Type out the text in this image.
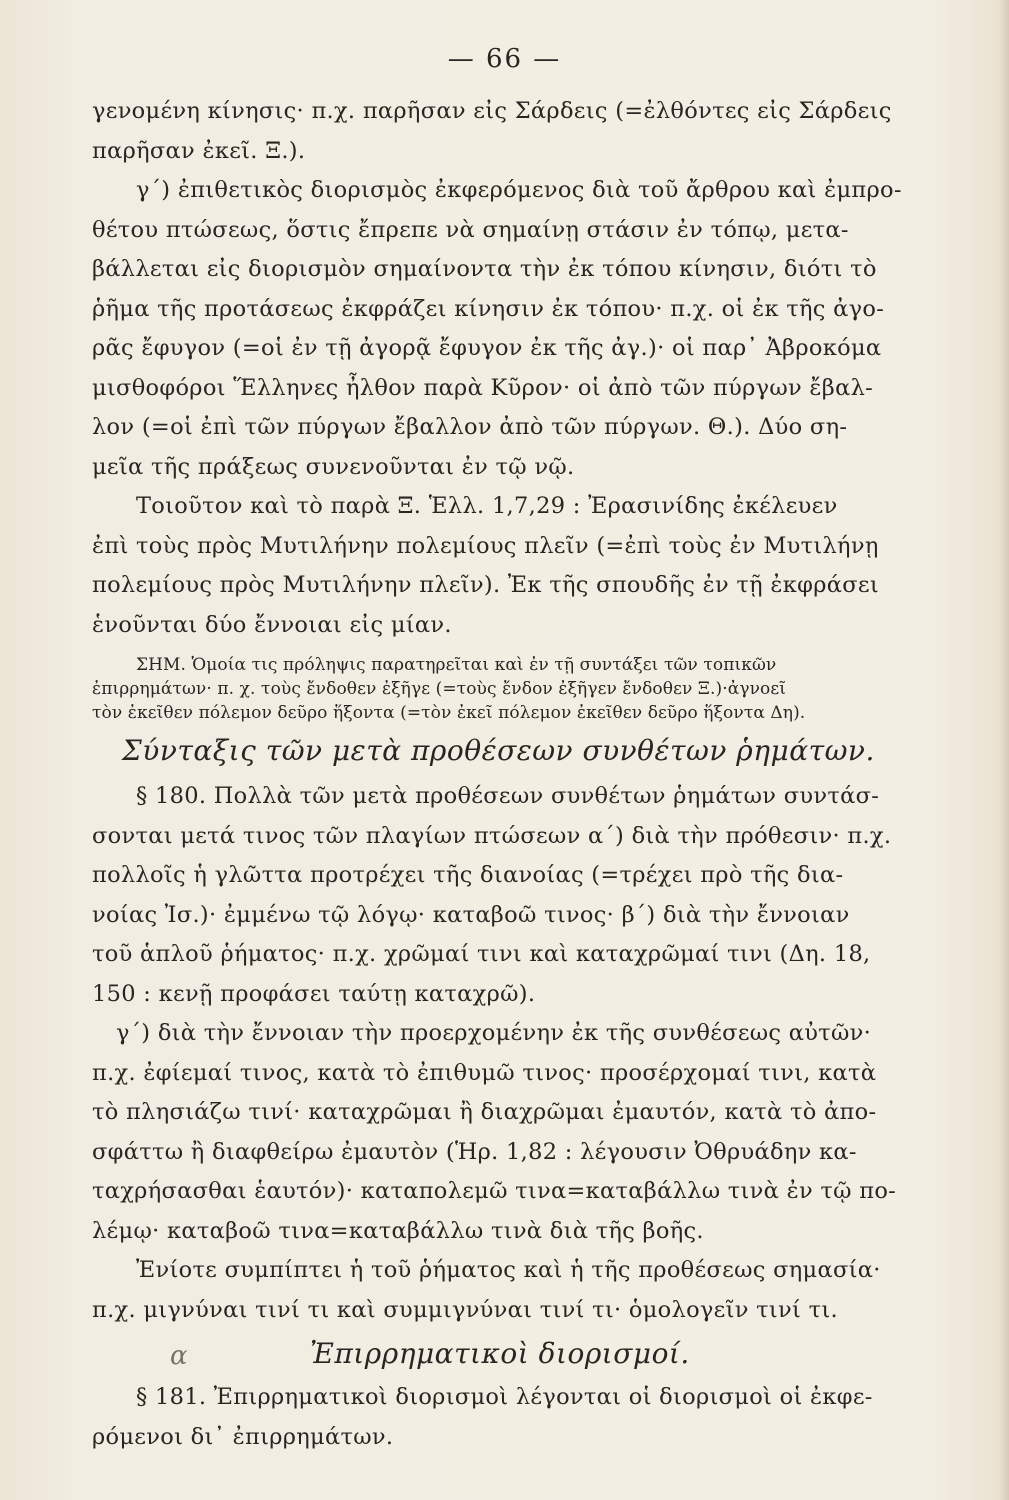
— 66 —
γενομένη κίνησις· π.χ. παρῆσαν εἰς Σάρδεις (=ἐλθόντες εἰς Σάρδεις
παρῆσαν ἐκεῖ. Ξ.).
γ΄) ἐπιθετικὸς διορισμὸς ἐκφερόμενος διὰ τοῦ ἄρθρου καὶ ἐμπρο-
θέτου πτώσεως, ὅστις ἔπρεπε νὰ σημαίνῃ στάσιν ἐν τόπῳ, μετα-
βάλλεται εἰς διορισμὸν σημαίνοντα τὴν ἐκ τόπου κίνησιν, διότι τὸ
ῥῆμα τῆς προτάσεως ἐκφράζει κίνησιν ἐκ τόπου· π.χ. οἱ ἐκ τῆς ἀγο-
ρᾶς ἔφυγον (=οἱ ἐν τῇ ἀγορᾷ ἔφυγον ἐκ τῆς ἀγ.)· οἱ παρ᾽ Ἀβροκόμα
μισθοφόροι Ἕλληνες ἦλθον παρὰ Κῦρον· οἱ ἀπὸ τῶν πύργων ἔβαλ-
λον (=οἱ ἐπὶ τῶν πύργων ἔβαλλον ἀπὸ τῶν πύργων. Θ.). Δύο ση-
μεῖα τῆς πράξεως συνενοῦνται ἐν τῷ νῷ.
Τοιοῦτον καὶ τὸ παρὰ Ξ. Ἑλλ. 1,7,29 : Ἐρασινίδης ἐκέλευεν
ἐπὶ τοὺς πρὸς Μυτιλήνην πολεμίους πλεῖν (=ἐπὶ τοὺς ἐν Μυτιλήνῃ
πολεμίους πρὸς Μυτιλήνην πλεῖν). Ἐκ τῆς σπουδῆς ἐν τῇ ἐκφράσει
ἑνοῦνται δύο ἔννοιαι εἰς μίαν.
ΣΗΜ. Ὁμοία τις πρόληψις παρατηρεῖται καὶ ἐν τῇ συντάξει τῶν τοπικῶν
ἐπιρρημάτων· π. χ. τοὺς ἔνδοθεν ἐξῆγε (=τοὺς ἔνδον ἐξῆγεν ἔνδοθεν Ξ.)·ἀγνοεῖ
τὸν ἐκεῖθεν πόλεμον δεῦρο ἥξοντα (=τὸν ἐκεῖ πόλεμον ἐκεῖθεν δεῦρο ἥξοντα Δη).
Σύνταξις τῶν μετὰ προθέσεων συνθέτων ῥημάτων.
§ 180. Πολλὰ τῶν μετὰ προθέσεων συνθέτων ῥημάτων συντάσ-
σονται μετά τινος τῶν πλαγίων πτώσεων α΄) διὰ τὴν πρόθεσιν· π.χ.
πολλοῖς ἡ γλῶττα προτρέχει τῆς διανοίας (=τρέχει πρὸ τῆς δια-
νοίας Ἰσ.)· ἐμμένω τῷ λόγῳ· καταβοῶ τινος· β΄) διὰ τὴν ἔννοιαν
τοῦ ἁπλοῦ ῥήματος· π.χ. χρῶμαί τινι καὶ καταχρῶμαί τινι (Δη. 18,
150 : κενῇ προφάσει ταύτῃ καταχρῶ).
γ΄) διὰ τὴν ἔννοιαν τὴν προερχομένην ἐκ τῆς συνθέσεως αὐτῶν·
π.χ. ἐφίεμαί τινος, κατὰ τὸ ἐπιθυμῶ τινος· προσέρχομαί τινι, κατὰ
τὸ πλησιάζω τινί· καταχρῶμαι ἢ διαχρῶμαι ἐμαυτόν, κατὰ τὸ ἀπο-
σφάττω ἢ διαφθείρω ἐμαυτὸν (Ἡρ. 1,82 : λέγουσιν Ὀθρυάδην κα-
ταχρήσασθαι ἑαυτόν)· καταπολεμῶ τινα=καταβάλλω τινὰ ἐν τῷ πο-
λέμῳ· καταβοῶ τινα=καταβάλλω τινὰ διὰ τῆς βοῆς.
Ἐνίοτε συμπίπτει ἡ τοῦ ῥήματος καὶ ἡ τῆς προθέσεως σημασία·
π.χ. μιγνύναι τινί τι καὶ συμμιγνύναι τινί τι· ὁμολογεῖν τινί τι.
α	Ἐπιρρηματικοὶ διορισμοί.
§ 181. Ἐπιρρηματικοὶ διορισμοὶ λέγονται οἱ διορισμοὶ οἱ ἐκφε-
ρόμενοι δι᾽ ἐπιρρημάτων.
